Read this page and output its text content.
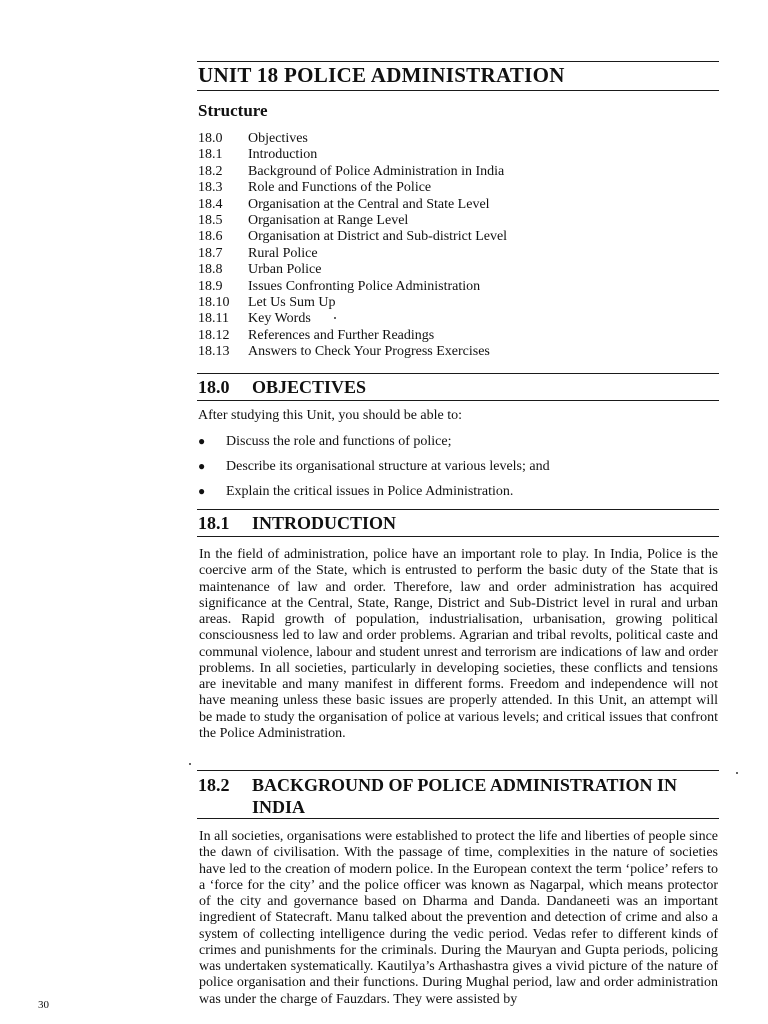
UNIT 18 POLICE ADMINISTRATION
Structure
18.0	Objectives
18.1	Introduction
18.2	Background of Police Administration in India
18.3	Role and Functions of the Police
18.4	Organisation at the Central and State Level
18.5	Organisation at Range Level
18.6	Organisation at District and Sub-district Level
18.7	Rural Police
18.8	Urban Police
18.9	Issues Confronting Police Administration
18.10	Let Us Sum Up
18.11	Key Words
18.12	References and Further Readings
18.13	Answers to Check Your Progress Exercises
18.0 OBJECTIVES
After studying this Unit, you should be able to:
● Discuss the role and functions of police;
● Describe its organisational structure at various levels; and
● Explain the critical issues in Police Administration.
18.1 INTRODUCTION

In the field of administration, police have an important role to play. In India, Police is the coercive arm of the State, which is entrusted to perform the basic duty of the State that is maintenance of law and order. Therefore, law and order administration has acquired significance at the Central, State, Range, District and Sub-District level in rural and urban areas. Rapid growth of population, industrialisation, urbanisation, growing political consciousness led to law and order problems. Agrarian and tribal revolts, political caste and communal violence, labour and student unrest and terrorism are indications of law and order problems. In all societies, particularly in developing societies, these conflicts and tensions are inevitable and many manifest in different forms. Freedom and independence will not have meaning unless these basic issues are properly attended. In this Unit, an attempt will be made to study the organisation of police at various levels; and critical issues that confront the Police Administration.

18.2 BACKGROUND OF POLICE ADMINISTRATION IN
INDIA

In all societies, organisations were established to protect the life and liberties of people since the dawn of civilisation. With the passage of time, complexities in the nature of societies have led to the creation of modern police. In the European context the term ‘police’ refers to a ‘force for the city’ and the police officer was known as Nagarpal, which means protector of the city and governance based on Dharma and Danda. Dandaneeti was an important ingredient of Statecraft. Manu talked about the prevention and detection of crime and also a system of collecting intelligence during the vedic period. Vedas refer to different kinds of crimes and punishments for the criminals. During the Mauryan and Gupta periods, policing was undertaken systematically. Kautilya’s Arthashastra gives a vivid picture of the nature of police organisation and their functions. During Mughal period, law and order administration was under the charge of Fauzdars. They were assisted by

30
